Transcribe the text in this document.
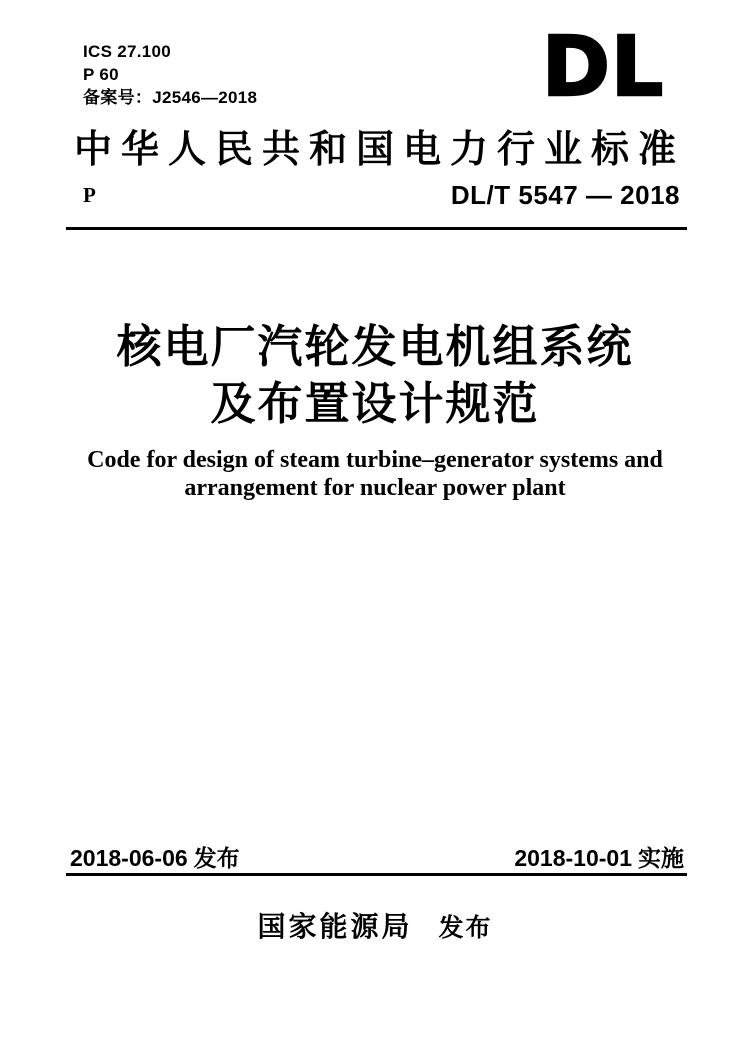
ICS 27.100
P 60
备案号：J2546—2018	DL
中华人民共和国电力行业标准
P	DL/T 5547 — 2018
核电厂汽轮发电机组系统
及布置设计规范
Code for design of steam turbine–generator systems and
arrangement for nuclear power plant
2018-06-06 发布	2018-10-01 实施
国家能源局 发布
